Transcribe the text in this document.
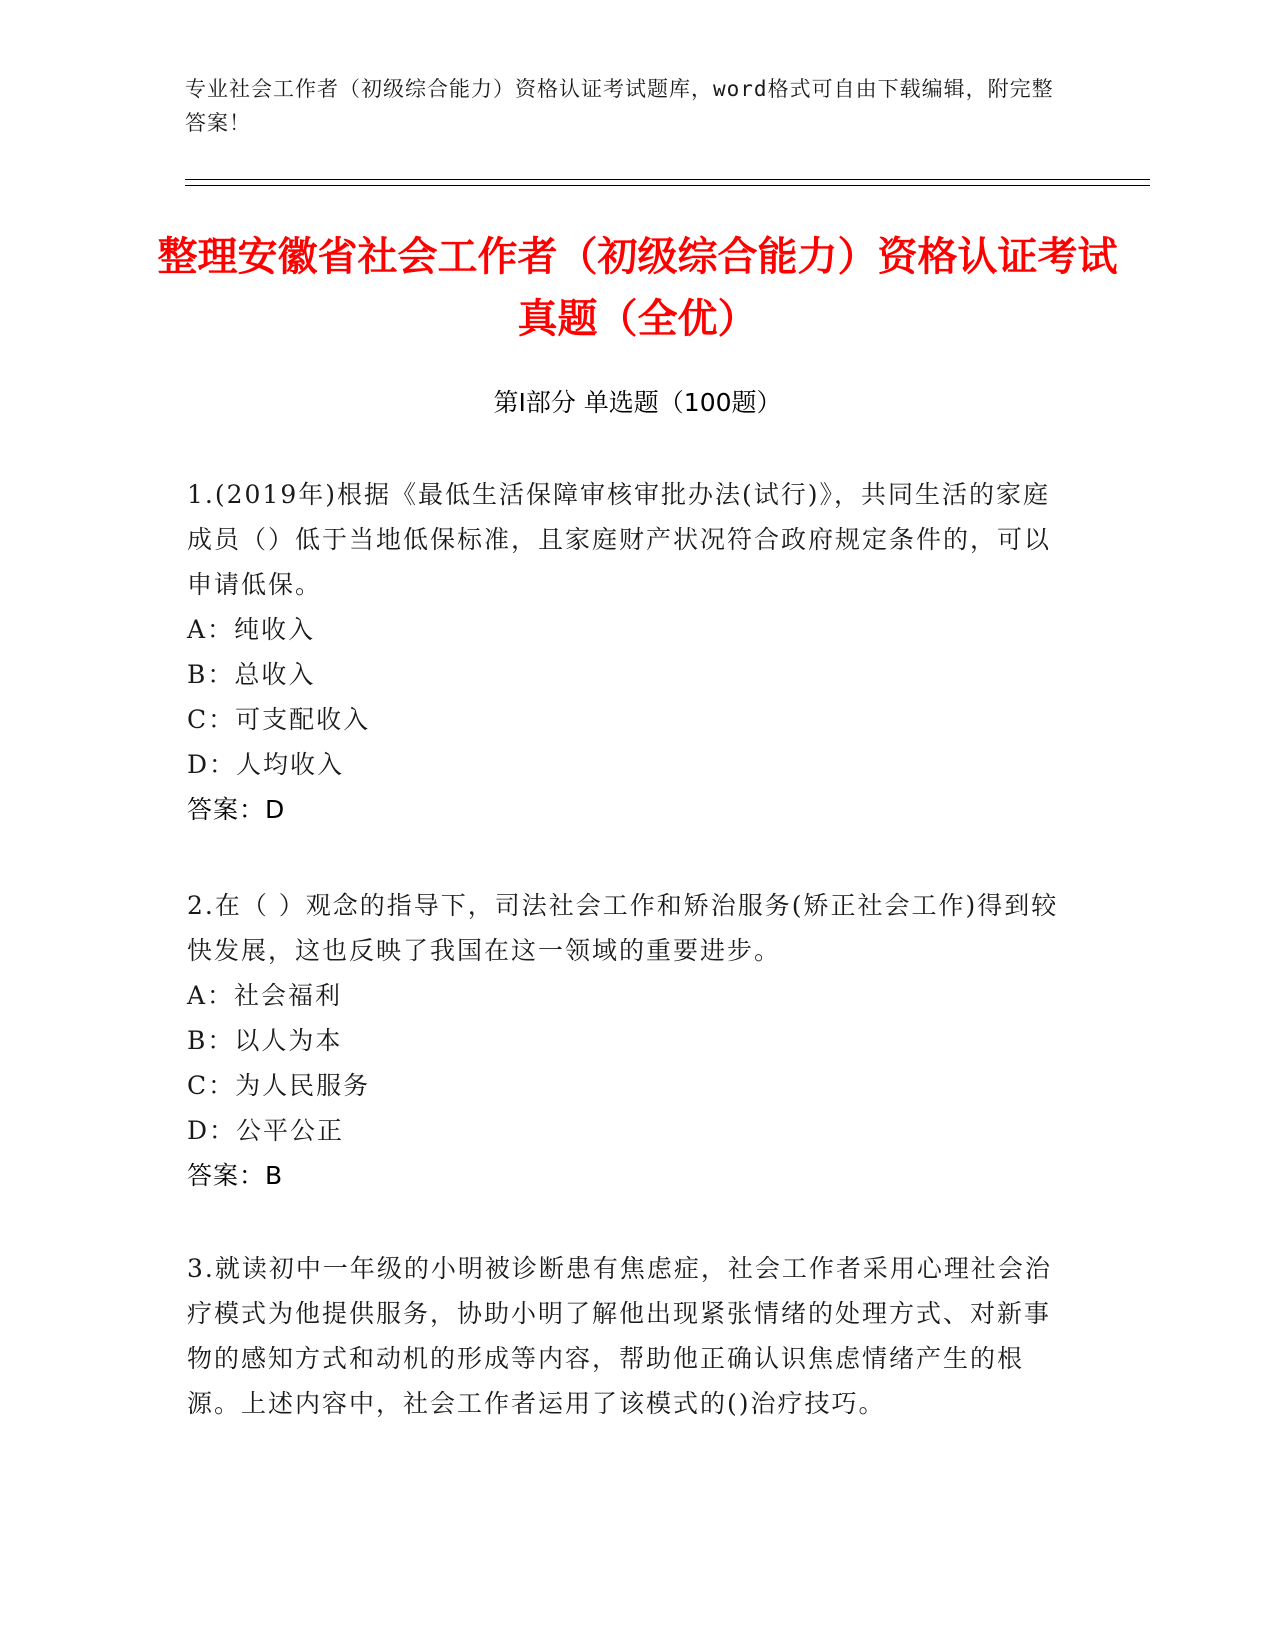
专业社会工作者（初级综合能力）资格认证考试题库，word格式可自由下载编辑，附完整答案！
整理安徽省社会工作者（初级综合能力）资格认证考试真题（全优）
第I部分 单选题（100题）

1.(2019年)根据《最低生活保障审核审批办法(试行)》，共同生活的家庭成员（）低于当地低保标准，且家庭财产状况符合政府规定条件的，可以申请低保。

A：纯收入

B：总收入

C：可支配收入

D：人均收入

答案：D

2.在（ ）观念的指导下，司法社会工作和矫治服务(矫正社会工作)得到较快发展，这也反映了我国在这一领域的重要进步。

A：社会福利

B：以人为本

C：为人民服务

D：公平公正

答案：B

3.就读初中一年级的小明被诊断患有焦虑症，社会工作者采用心理社会治疗模式为他提供服务，协助小明了解他出现紧张情绪的处理方式、对新事物的感知方式和动机的形成等内容，帮助他正确认识焦虑情绪产生的根源。上述内容中，社会工作者运用了该模式的()治疗技巧。
